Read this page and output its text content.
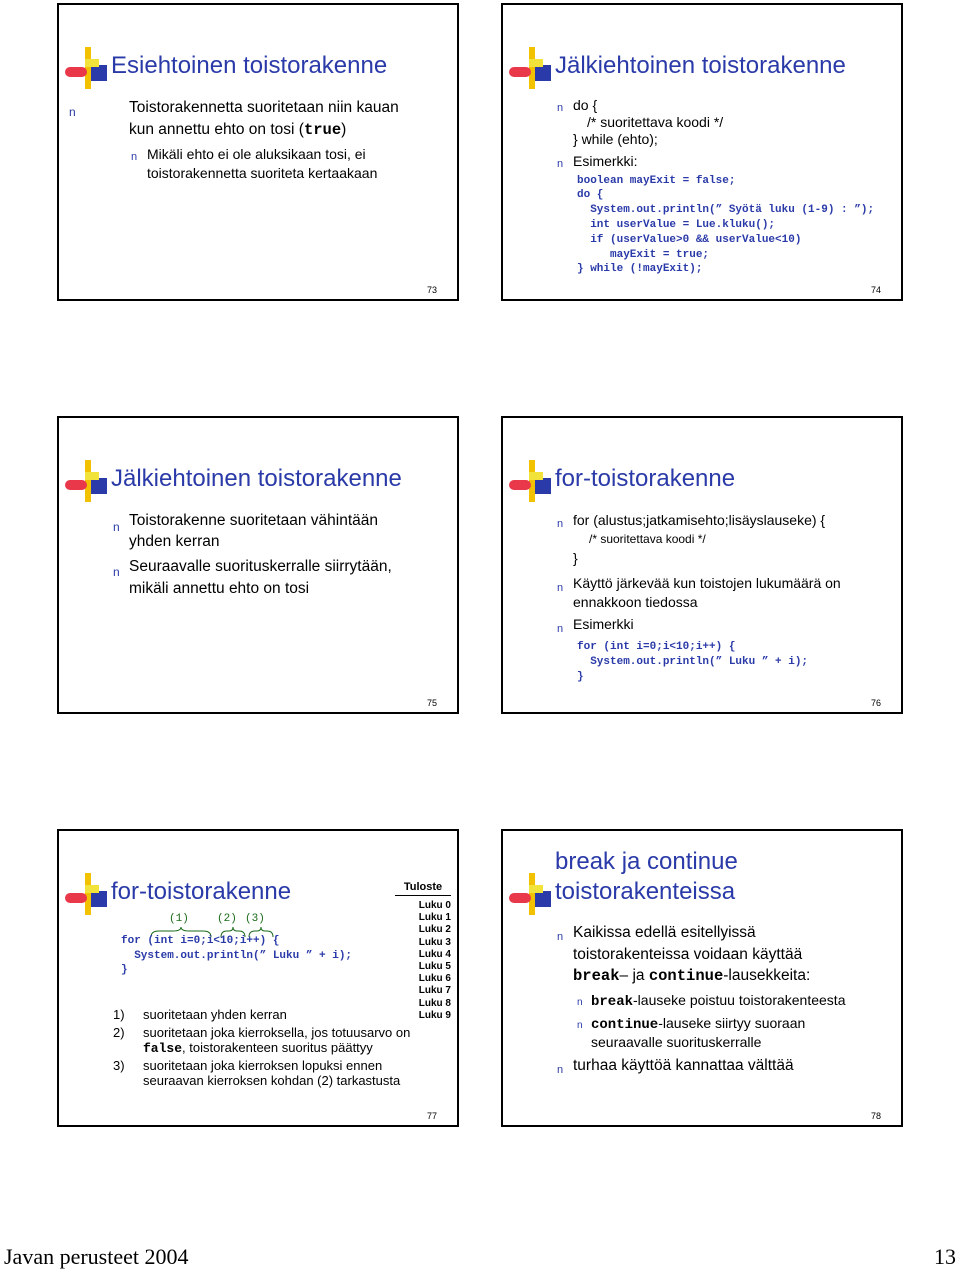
Esiehtoinen toistorakenne
n	Toistorakennetta suoritetaan niin kauan
kun annettu ehto on tosi (true)
n Mikäli ehto ei ole aluksikaan tosi, ei
toistorakennetta suoriteta kertaakaan
73
Jälkiehtoinen toistorakenne
n do {
/* suoritettava koodi */
} while (ehto);
n Esimerkki:
boolean mayExit = false;
do {
System.out.println(” Syötä luku (1-9) : ”);
int userValue = Lue.kluku();
if (userValue>0 && userValue<10)
mayExit = true;
} while (!mayExit);
74
Jälkiehtoinen toistorakenne
n Toistorakenne suoritetaan vähintään
yhden kerran
n Seuraavalle suorituskerralle siirrytään,
mikäli annettu ehto on tosi
75
for-toistorakenne
n for (alustus;jatkamisehto;lisäyslauseke) {
/* suoritettava koodi */
}
n Käyttö järkevää kun toistojen lukumäärä on
ennakkoon tiedossa
n Esimerkki
for (int i=0;i<10;i++) {
System.out.println(” Luku ” + i);
}
76
for-toistorakenne
(1)	(2) (3)
for (int i=0;i<10;i++) {
System.out.println(” Luku ” + i);
}
Tuloste
Luku 0
Luku 1
Luku 2
Luku 3
Luku 4
Luku 5
Luku 6
Luku 7
Luku 8
Luku 9
1) suoritetaan yhden kerran
2) suoritetaan joka kierroksella, jos totuusarvo on
false, toistorakenteen suoritus päättyy
3) suoritetaan joka kierroksen lopuksi ennen
seuraavan kierroksen kohdan (2) tarkastusta
77
break ja continue
toistorakenteissa
n Kaikissa edellä esitellyissä
toistorakenteissa voidaan käyttää
break– ja continue-lausekkeita:
n break-lauseke poistuu toistorakenteesta
n continue-lauseke siirtyy suoraan
seuraavalle suorituskerralle
n turhaa käyttöä kannattaa välttää
78
Javan perusteet 2004	13
